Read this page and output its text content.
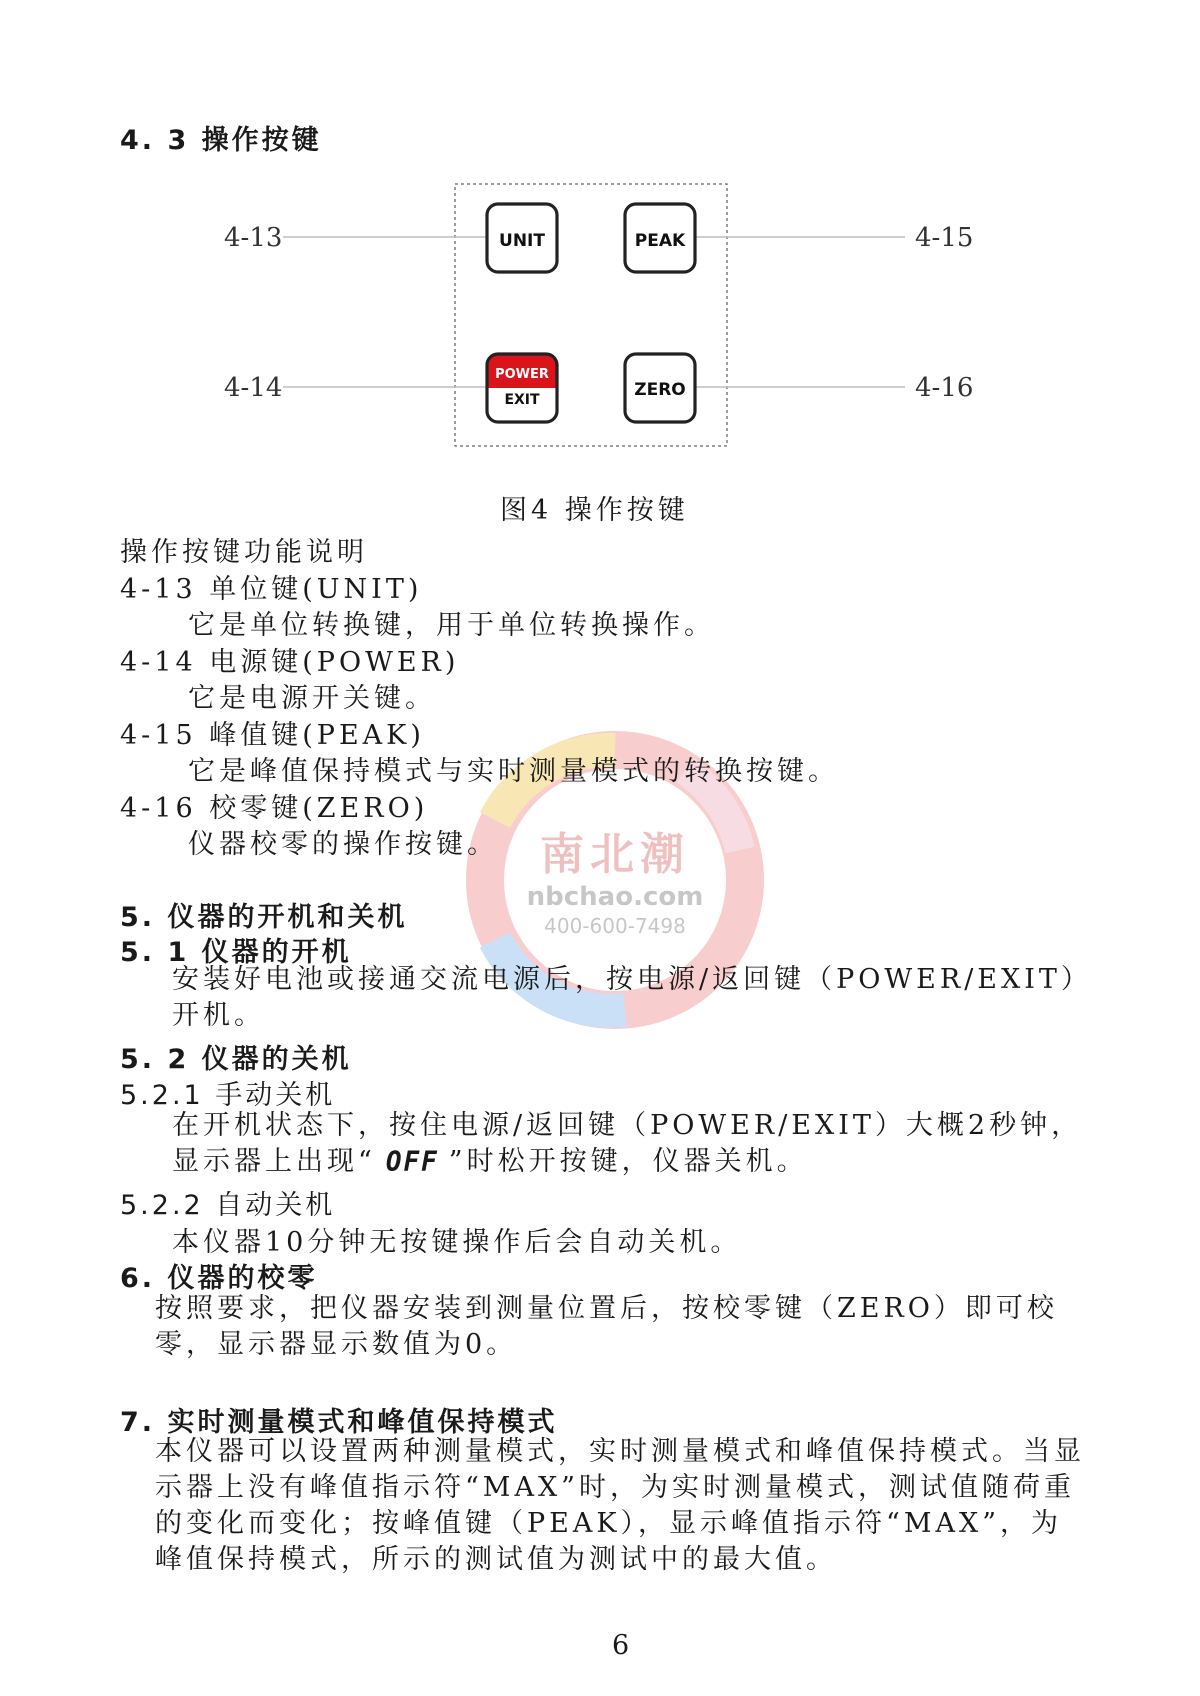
4. 3 操作按键
UNIT	PEAK
POWER
EXIT	ZERO
4-13
4-14
4-15
4-16
图4 操作按键
南北潮
nbchao.com
400-600-7498
操作按键功能说明
4-13 单位键(UNIT)
它是单位转换键，用于单位转换操作。
4-14 电源键(POWER)
它是电源开关键。
4-15 峰值键(PEAK)
它是峰值保持模式与实时测量模式的转换按键。
4-16 校零键(ZERO)
仪器校零的操作按键。
5. 仪器的开机和关机
5. 1 仪器的开机
安装好电池或接通交流电源后，按电源/返回键（POWER/EXIT）开机。
5. 2 仪器的关机
5.2.1 手动关机
在开机状态下，按住电源/返回键（POWER/EXIT）大概2秒钟，显示器上出现“ OFF ”时松开按键，仪器关机。
5.2.2 自动关机
本仪器10分钟无按键操作后会自动关机。
6. 仪器的校零
按照要求，把仪器安装到测量位置后，按校零键（ZERO）即可校零，显示器显示数值为0。
7. 实时测量模式和峰值保持模式
本仪器可以设置两种测量模式，实时测量模式和峰值保持模式。当显示器上没有峰值指示符“MAX”时，为实时测量模式，测试值随荷重的变化而变化；按峰值键（PEAK），显示峰值指示符“MAX”，为峰值保持模式，所示的测试值为测试中的最大值。
6
